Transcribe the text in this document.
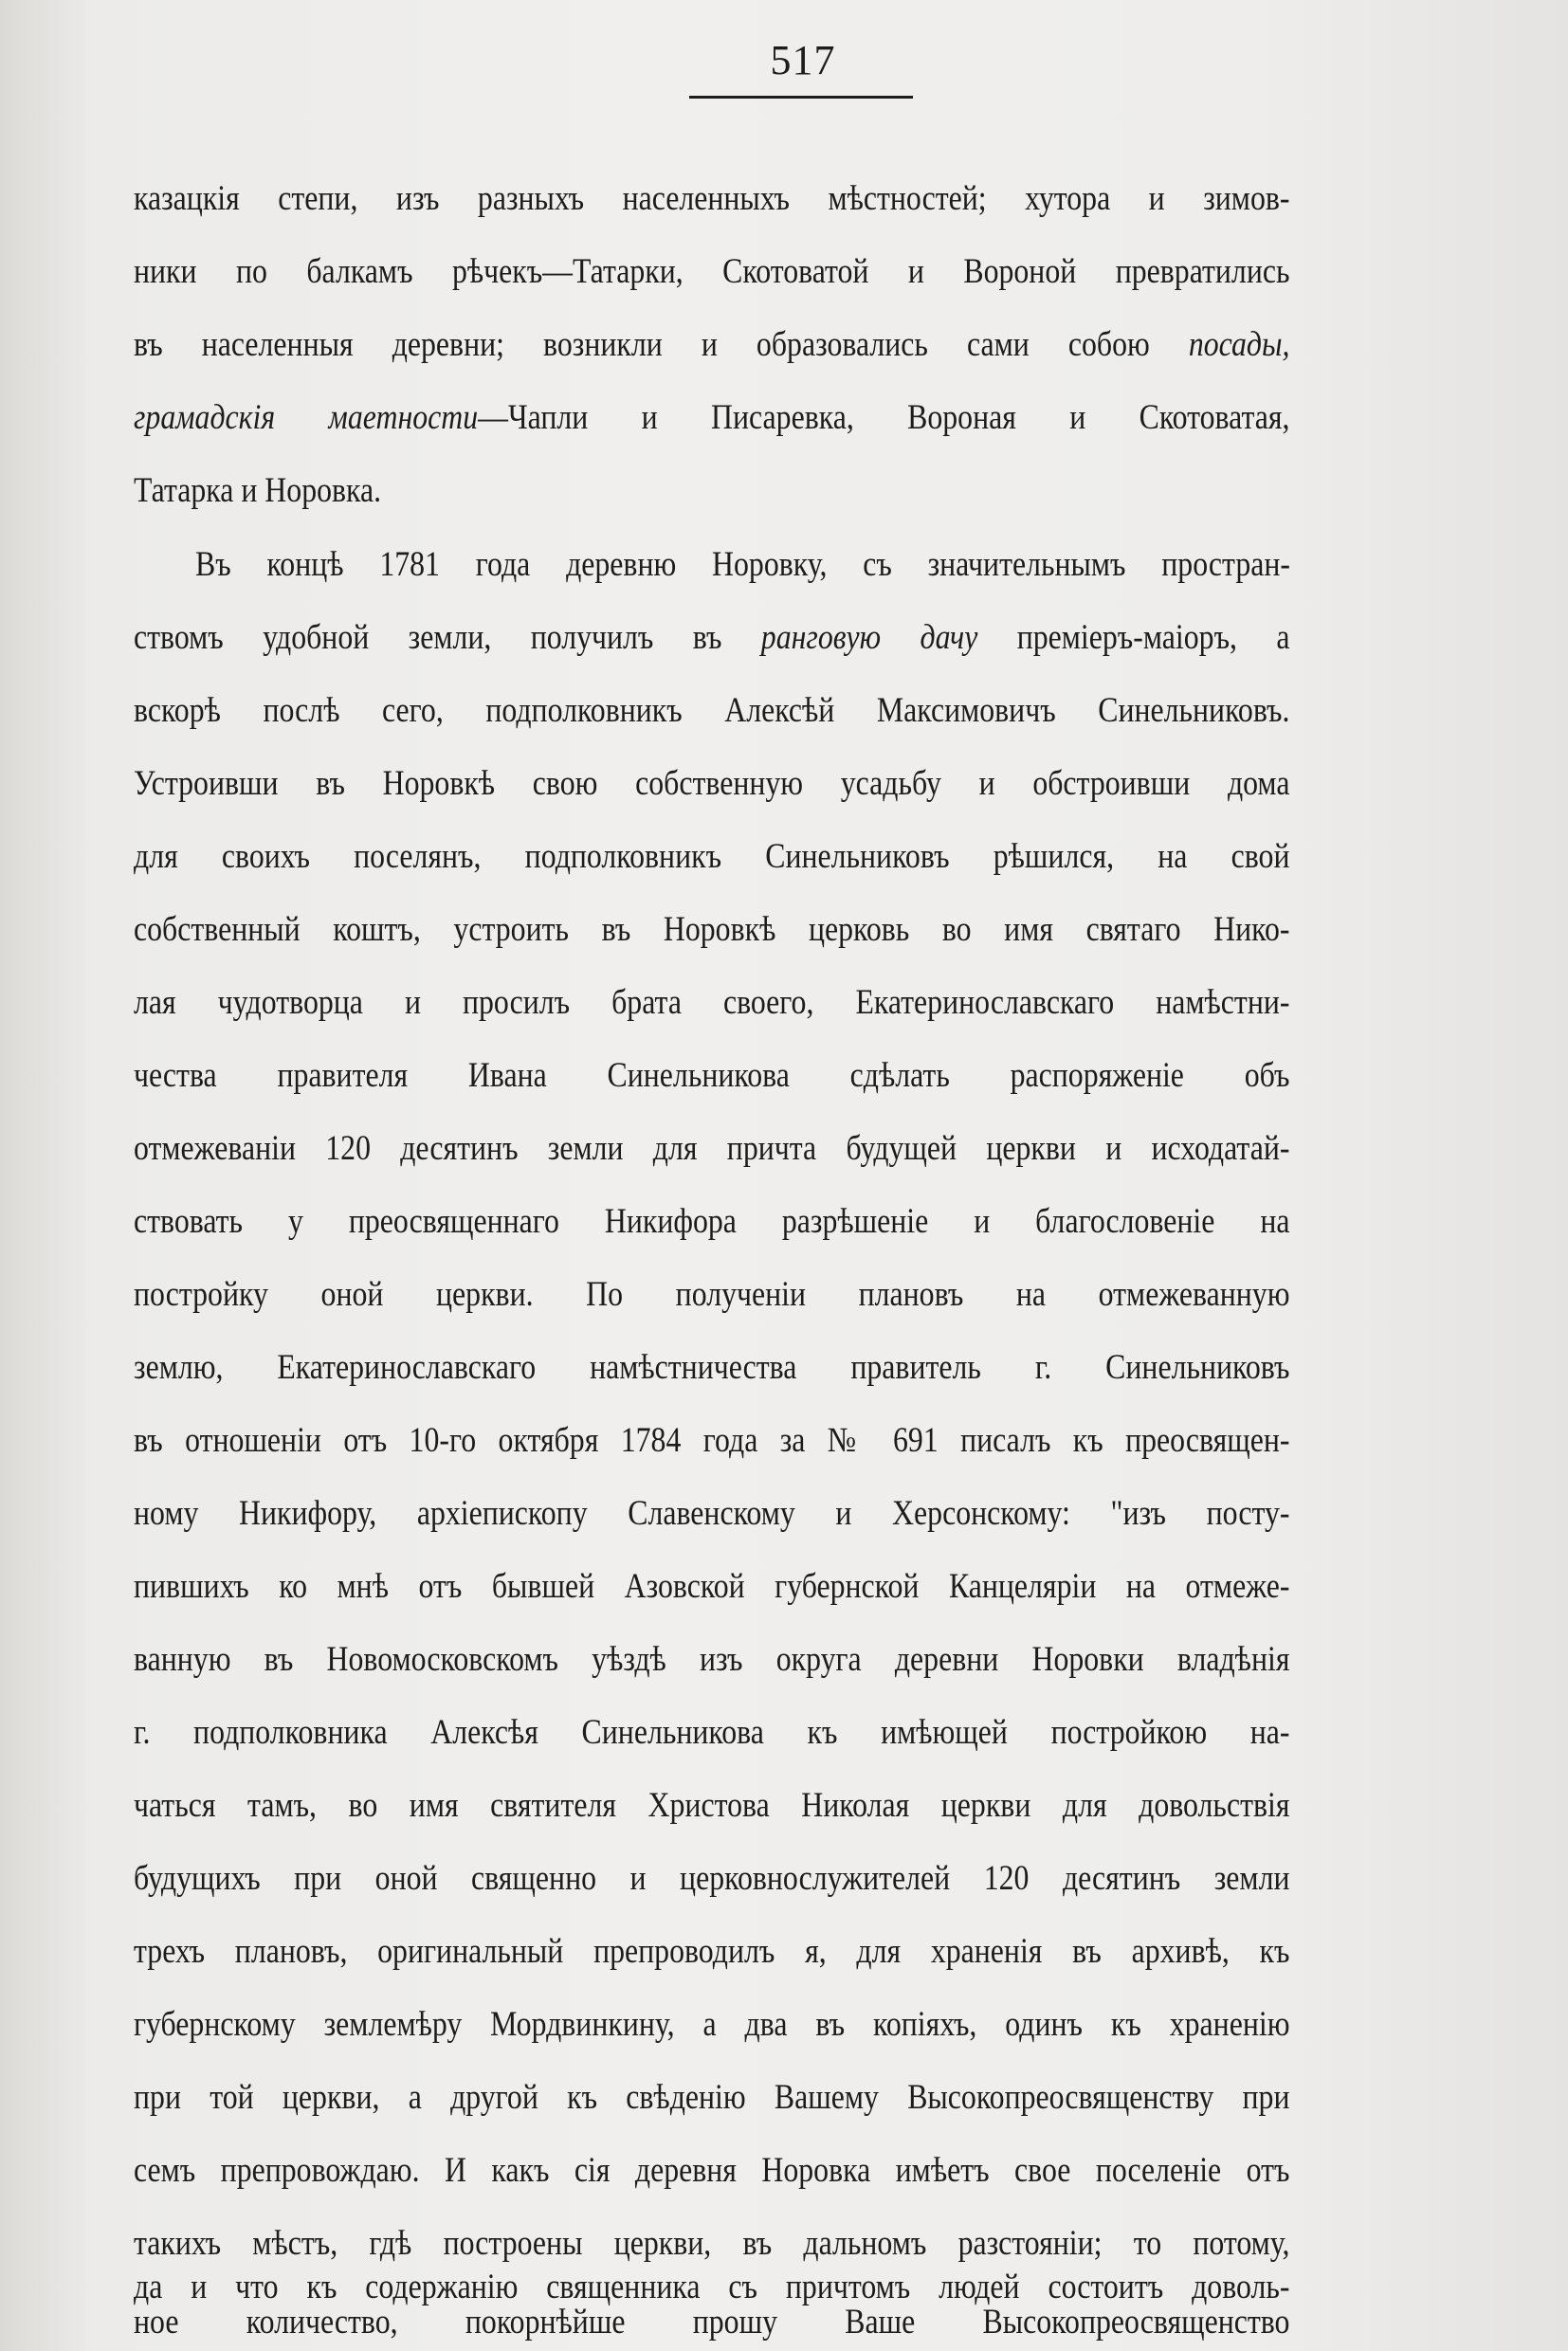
517
казацкія степи, изъ разныхъ населенныхъ мѣстностей; хутора и зимов-
ники по балкамъ рѣчекъ—Татарки, Скотоватой и Вороной превратились
въ населенныя деревни; возникли и образовались сами собою посады,
грамадскія маетности—Чапли и Писаревка, Вороная и Скотоватая,
Татарка и Норовка.
Въ концѣ 1781 года деревню Норовку, съ значительнымъ простран-
ствомъ удобной земли, получилъ въ ранговую дачу премiеръ-маiоръ, а
вскорѣ послѣ сего, подполковникъ Алексѣй Максимовичъ Синельниковъ.
Устроивши въ Норовкѣ свою собственную усадьбу и обстроивши дома
для своихъ поселянъ, подполковникъ Синельниковъ рѣшился, на свой
собственный коштъ, устроить въ Норовкѣ церковь во имя святаго Нико-
лая чудотворца и просилъ брата своего, Екатеринославскаго намѣстни-
чества правителя Ивана Синельникова сдѣлать распоряженіе объ
отмежеваніи 120 десятинъ земли для причта будущей церкви и исходатай-
ствовать у преосвященнаго Никифора разрѣшеніе и благословеніе на
постройку оной церкви. По полученіи плановъ на отмежеванную
землю, Екатеринославскаго намѣстничества правитель г. Синельниковъ
въ отношеніи отъ 10-го октября 1784 года за № 691 писалъ къ преосвящен-
ному Никифору, архіепископу Славенскому и Херсонскому: "изъ посту-
пившихъ ко мнѣ отъ бывшей Азовской губернской Канцеляріи на отмеже-
ванную въ Новомосковскомъ уѣздѣ изъ округа деревни Норовки владѣнія
г. подполковника Алексѣя Синельникова къ имѣющей постройкою на-
чаться тамъ, во имя святителя Христова Николая церкви для довольствія
будущихъ при оной священно и церковнослужителей 120 десятинъ земли
трехъ плановъ, оригинальный препроводилъ я, для храненія въ архивѣ, къ
губернскому землемѣру Мордвинкину, а два въ копіяхъ, одинъ къ храненію
при той церкви, а другой къ свѣденію Вашему Высокопреосвященству при
семъ препровождаю. И какъ сія деревня Норовка имѣетъ свое поселеніе отъ
такихъ мѣстъ, гдѣ построены церкви, въ дальномъ разстояніи; то потому,
да и что къ содержанію священника съ причтомъ людей состоитъ доволь-
ное количество, покорнѣйше прошу Ваше Высокопреосвященство
